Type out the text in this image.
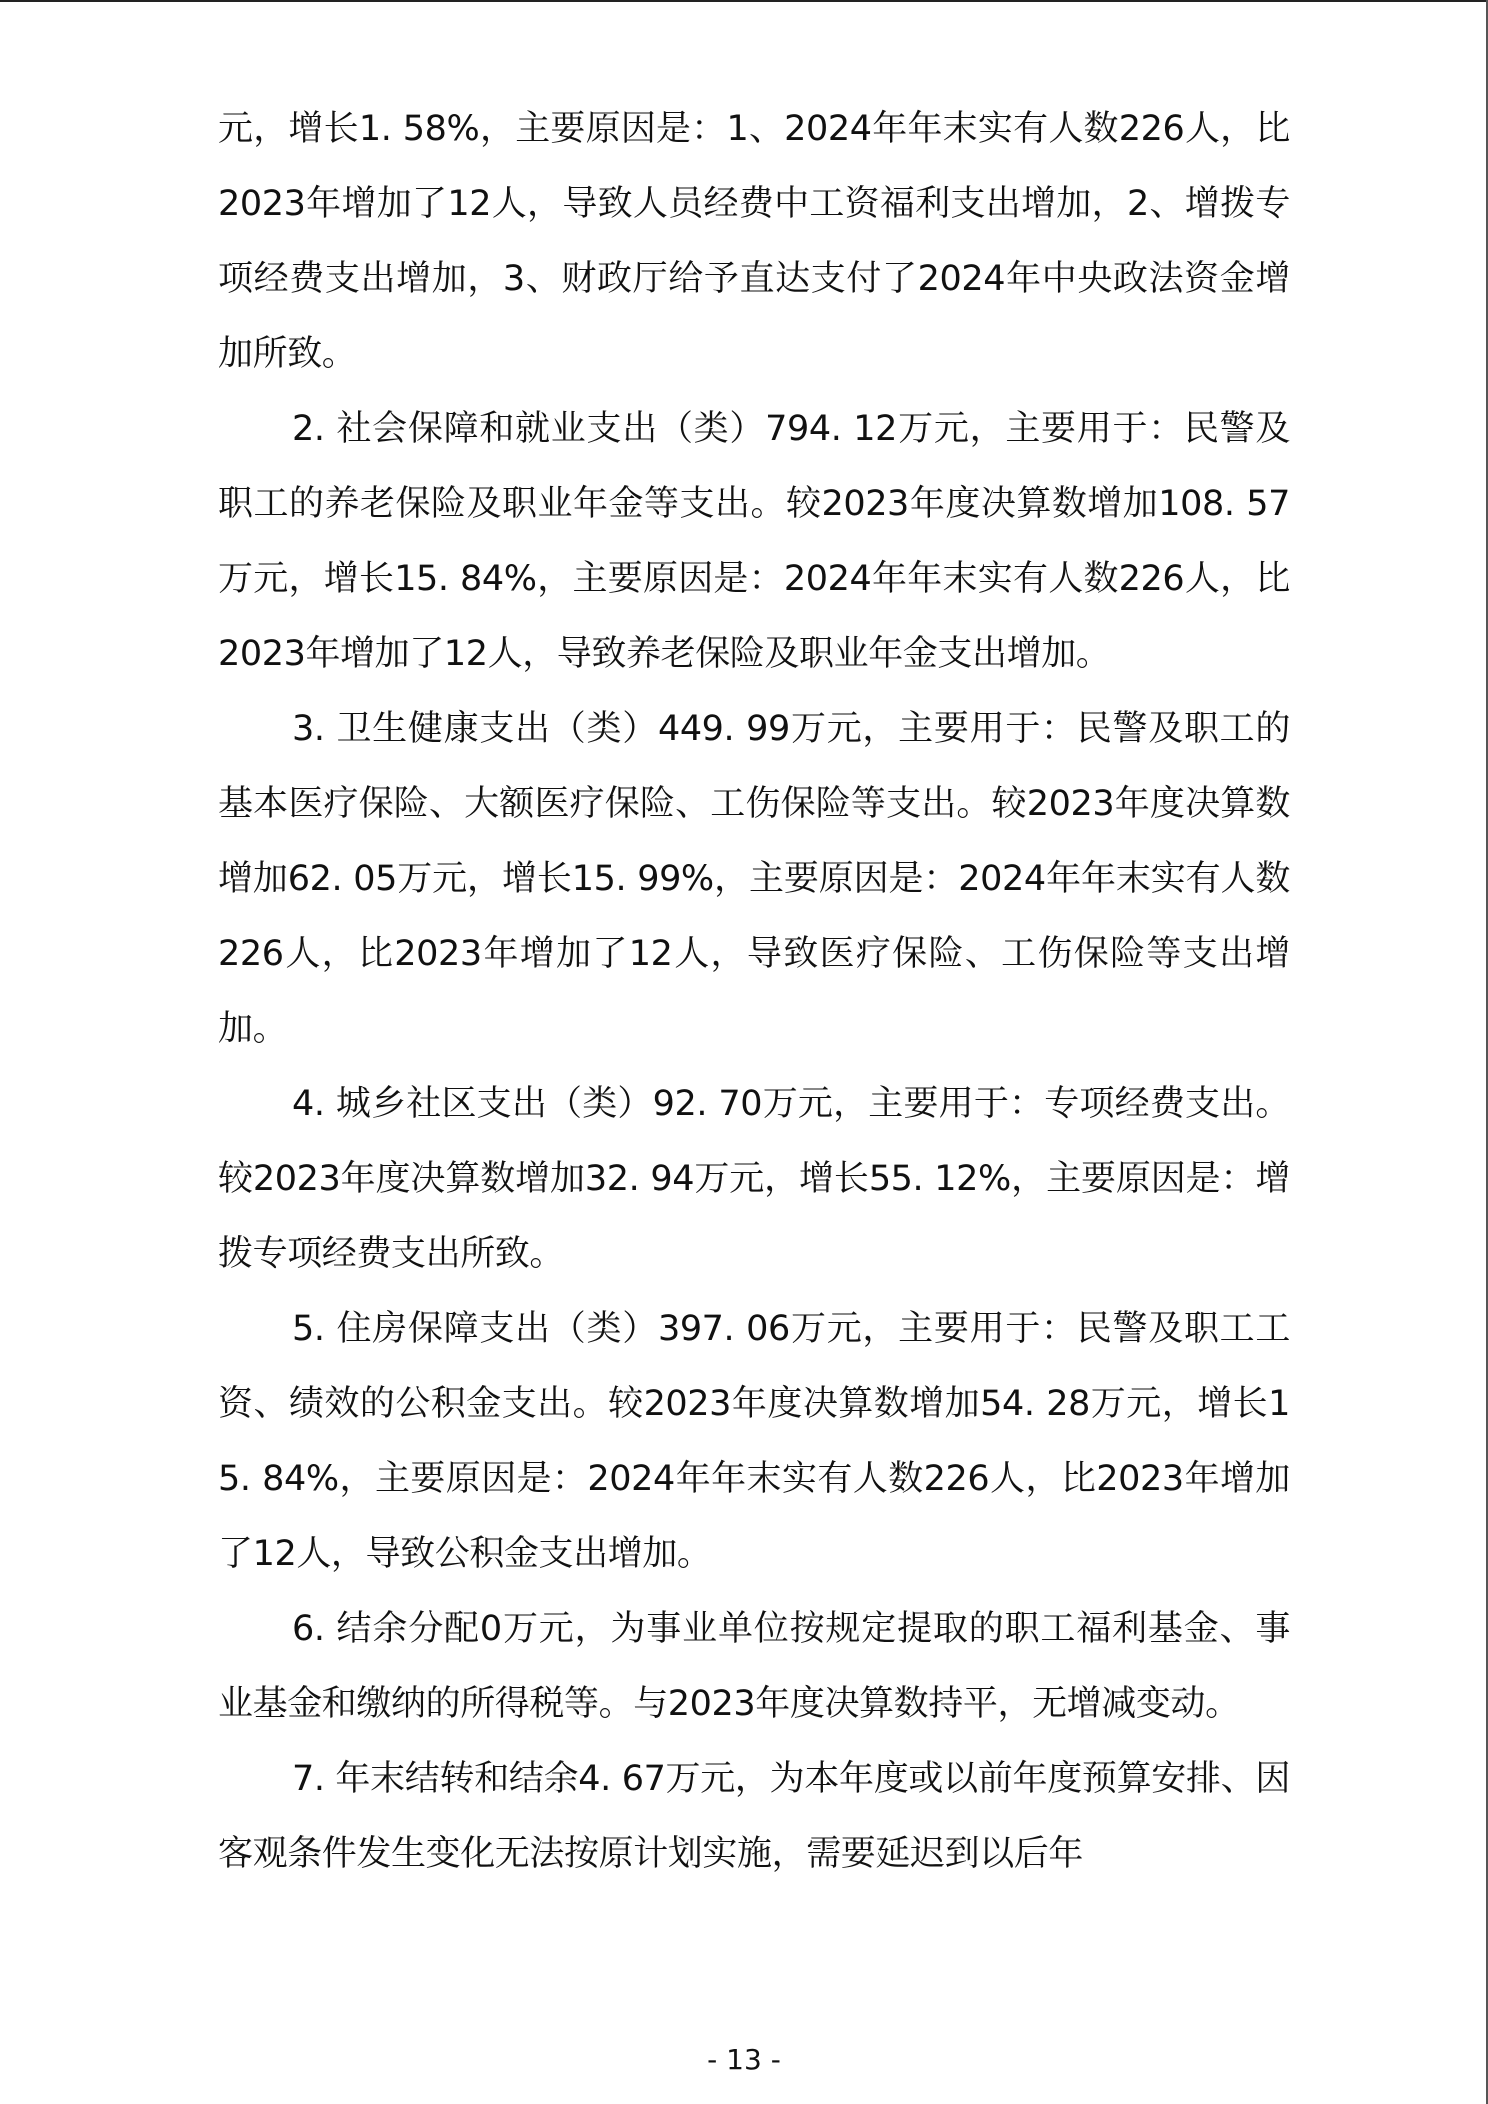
元，增长1. 58%，主要原因是：1、2024年年末实有人数226人，比2023年增加了12人，导致人员经费中工资福利支出增加，2、增拨专项经费支出增加，3、财政厅给予直达支付了2024年中央政法资金增加所致。

2. 社会保障和就业支出（类）794. 12万元，主要用于：民警及职工的养老保险及职业年金等支出。较2023年度决算数增加108. 57万元，增长15. 84%，主要原因是：2024年年末实有人数226人，比2023年增加了12人，导致养老保险及职业年金支出增加。

3. 卫生健康支出（类）449. 99万元，主要用于：民警及职工的基本医疗保险、大额医疗保险、工伤保险等支出。较2023年度决算数增加62. 05万元，增长15. 99%，主要原因是：2024年年末实有人数226人，比2023年增加了12人，导致医疗保险、工伤保险等支出增加。

4. 城乡社区支出（类）92. 70万元，主要用于：专项经费支出。较2023年度决算数增加32. 94万元，增长55. 12%，主要原因是：增拨专项经费支出所致。

5. 住房保障支出（类）397. 06万元，主要用于：民警及职工工资、绩效的公积金支出。较2023年度决算数增加54. 28万元，增长15. 84%，主要原因是：2024年年末实有人数226人，比2023年增加了12人，导致公积金支出增加。

6. 结余分配0万元，为事业单位按规定提取的职工福利基金、事业基金和缴纳的所得税等。与2023年度决算数持平，无增减变动。

7. 年末结转和结余4. 67万元，为本年度或以前年度预算安排、因客观条件发生变化无法按原计划实施，需要延迟到以后年

- 13 -
